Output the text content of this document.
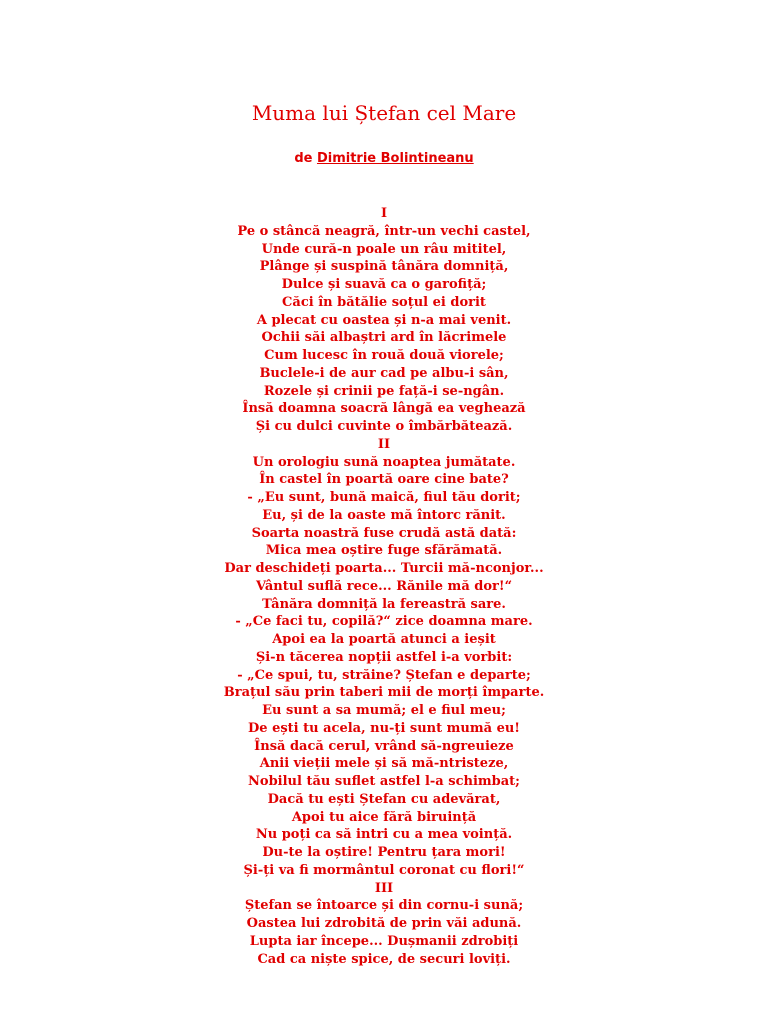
Muma lui Ștefan cel Mare
de Dimitrie Bolintineanu
I
Pe o stâncă neagră, într-un vechi castel,
Unde cură-n poale un râu mititel,
Plânge și suspină tânăra domniță,
Dulce și suavă ca o garofiță;
Căci în bătălie soțul ei dorit
A plecat cu oastea și n-a mai venit.
Ochii săi albaștri ard în lăcrimele
Cum lucesc în rouă două viorele;
Buclele-i de aur cad pe albu-i sân,
Rozele și crinii pe față-i se-ngân.
Însă doamna soacră lângă ea veghează
Și cu dulci cuvinte o îmbărbătează.
II
Un orologiu sună noaptea jumătate.
În castel în poartă oare cine bate?
- „Eu sunt, bună maică, fiul tău dorit;
Eu, și de la oaste mă întorc rănit.
Soarta noastră fuse crudă astă dată:
Mica mea oștire fuge sfărămată.
Dar deschideți poarta... Turcii mă-nconjor...
Vântul suflă rece... Rănile mă dor!“
Tânăra domniță la fereastră sare.
- „Ce faci tu, copilă?“ zice doamna mare.
Apoi ea la poartă atunci a ieșit
Și-n tăcerea nopții astfel i-a vorbit:
- „Ce spui, tu, străine? Ștefan e departe;
Brațul său prin taberi mii de morți împarte.
Eu sunt a sa mumă; el e fiul meu;
De ești tu acela, nu-ți sunt mumă eu!
Însă dacă cerul, vrând să-ngreuieze
Anii vieții mele și să mă-ntristeze,
Nobilul tău suflet astfel l-a schimbat;
Dacă tu ești Ștefan cu adevărat,
Apoi tu aice fără biruință
Nu poți ca să intri cu a mea voință.
Du-te la oștire! Pentru țara mori!
Și-ți va fi mormântul coronat cu flori!“
III
Ștefan se întoarce și din cornu-i sună;
Oastea lui zdrobită de prin văi adună.
Lupta iar începe... Dușmanii zdrobiți
Cad ca niște spice, de securi loviți.
